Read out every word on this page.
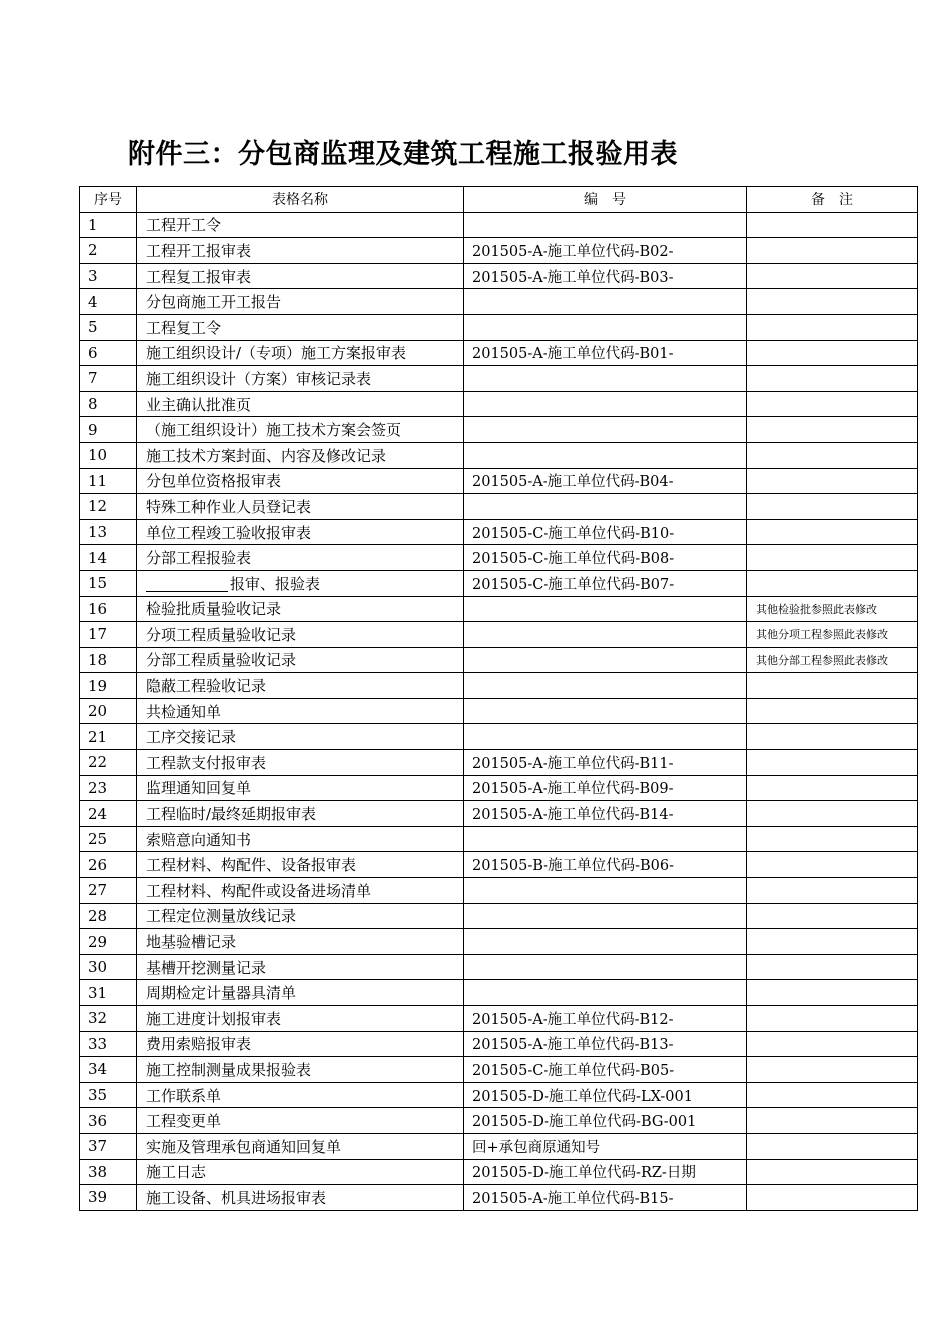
附件三：分包商监理及建筑工程施工报验用表
序号	表格名称	编　号	备　注
1	工程开工令		
2	工程开工报审表	201505-A-施工单位代码-B02-	
3	工程复工报审表	201505-A-施工单位代码-B03-	
4	分包商施工开工报告		
5	工程复工令		
6	施工组织设计/（专项）施工方案报审表	201505-A-施工单位代码-B01-	
7	施工组织设计（方案）审核记录表		
8	业主确认批准页		
9	（施工组织设计）施工技术方案会签页		
10	施工技术方案封面、内容及修改记录		
11	分包单位资格报审表	201505-A-施工单位代码-B04-	
12	特殊工种作业人员登记表		
13	单位工程竣工验收报审表	201505-C-施工单位代码-B10-	
14	分部工程报验表	201505-C-施工单位代码-B08-	
15	报审、报验表	201505-C-施工单位代码-B07-	
16	检验批质量验收记录		其他检验批参照此表修改
17	分项工程质量验收记录		其他分项工程参照此表修改
18	分部工程质量验收记录		其他分部工程参照此表修改
19	隐蔽工程验收记录		
20	共检通知单		
21	工序交接记录		
22	工程款支付报审表	201505-A-施工单位代码-B11-	
23	监理通知回复单	201505-A-施工单位代码-B09-	
24	工程临时/最终延期报审表	201505-A-施工单位代码-B14-	
25	索赔意向通知书		
26	工程材料、构配件、设备报审表	201505-B-施工单位代码-B06-	
27	工程材料、构配件或设备进场清单		
28	工程定位测量放线记录		
29	地基验槽记录		
30	基槽开挖测量记录		
31	周期检定计量器具清单		
32	施工进度计划报审表	201505-A-施工单位代码-B12-	
33	费用索赔报审表	201505-A-施工单位代码-B13-	
34	施工控制测量成果报验表	201505-C-施工单位代码-B05-	
35	工作联系单	201505-D-施工单位代码-LX-001	
36	工程变更单	201505-D-施工单位代码-BG-001	
37	实施及管理承包商通知回复单	回+承包商原通知号	
38	施工日志	201505-D-施工单位代码-RZ-日期	
39	施工设备、机具进场报审表	201505-A-施工单位代码-B15-	
